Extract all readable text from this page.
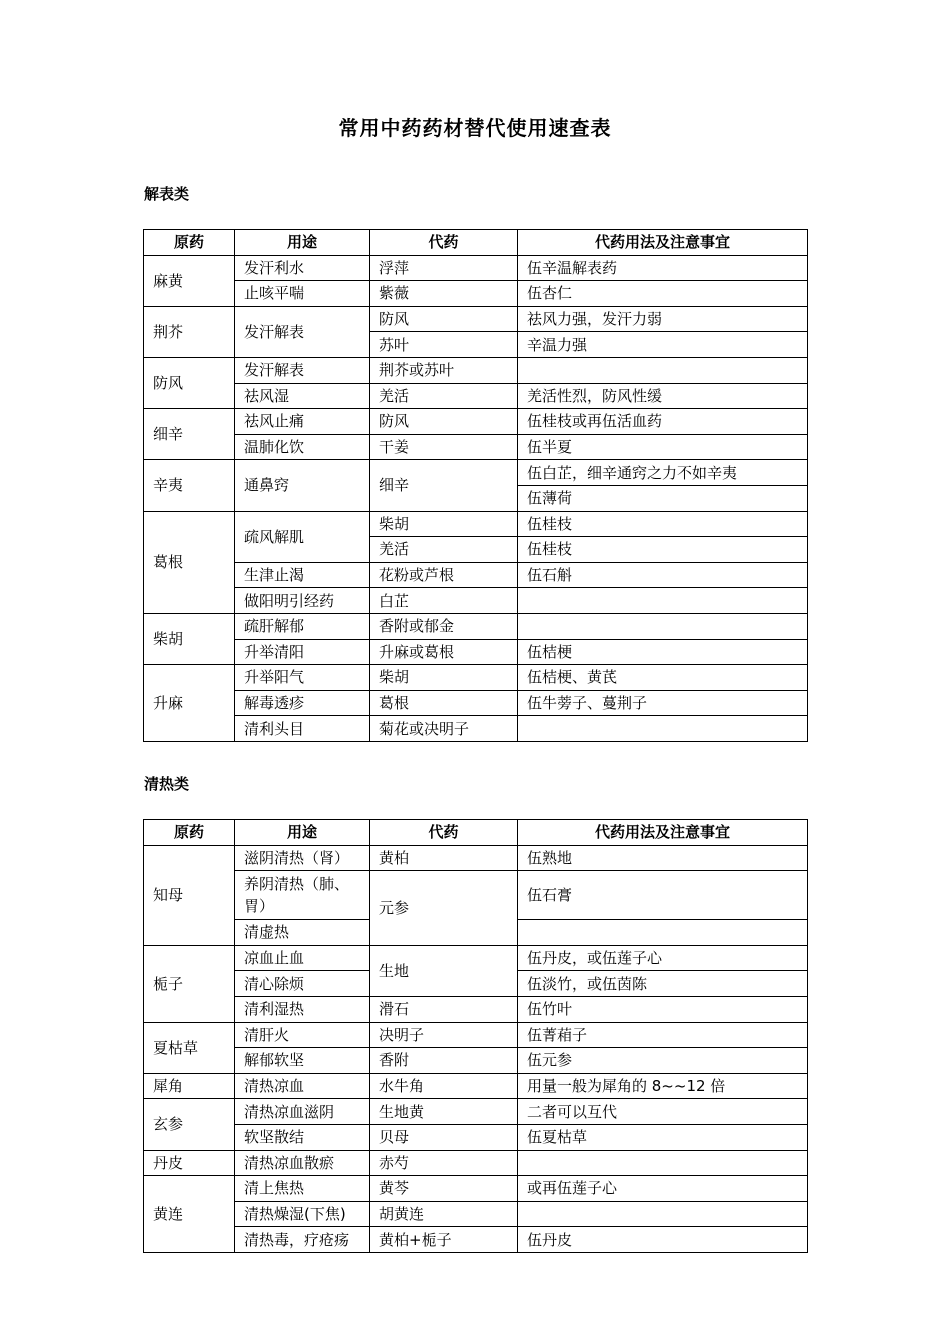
常用中药药材替代使用速查表
解表类
原药	用途	代药	代药用法及注意事宜
麻黄	发汗利水	浮萍	伍辛温解表药
	止咳平喘	紫薇	伍杏仁
荆芥	发汗解表	防风	祛风力强，发汗力弱
		苏叶	辛温力强
防风	发汗解表	荆芥或苏叶	
	祛风湿	羌活	羌活性烈，防风性缓
细辛	祛风止痛	防风	伍桂枝或再伍活血药
	温肺化饮	干姜	伍半夏
辛夷	通鼻窍	细辛	伍白芷，细辛通窍之力不如辛夷
			伍薄荷
葛根	疏风解肌	柴胡	伍桂枝
		羌活	伍桂枝
	生津止渴	花粉或芦根	伍石斛
	做阳明引经药	白芷	
柴胡	疏肝解郁	香附或郁金	
	升举清阳	升麻或葛根	伍桔梗
升麻	升举阳气	柴胡	伍桔梗、黄芪
	解毒透疹	葛根	伍牛蒡子、蔓荆子
	清利头目	菊花或决明子	
清热类
原药	用途	代药	代药用法及注意事宜
知母	滋阴清热（肾）	黄柏	伍熟地
	养阴清热（肺、胃）	元参	伍石膏
	清虚热		
栀子	凉血止血	生地	伍丹皮，或伍莲子心
	清心除烦		伍淡竹，或伍茵陈
	清利湿热	滑石	伍竹叶
夏枯草	清肝火	决明子	伍菁葙子
	解郁软坚	香附	伍元参
犀角	清热凉血	水牛角	用量一般为犀角的 8~~12 倍
玄参	清热凉血滋阴	生地黄	二者可以互代
	软坚散结	贝母	伍夏枯草
丹皮	清热凉血散瘀	赤芍	
黄连	清上焦热	黄芩	或再伍莲子心
	清热燥湿(下焦)	胡黄连	
	清热毒，疗疮疡	黄柏+栀子	伍丹皮
